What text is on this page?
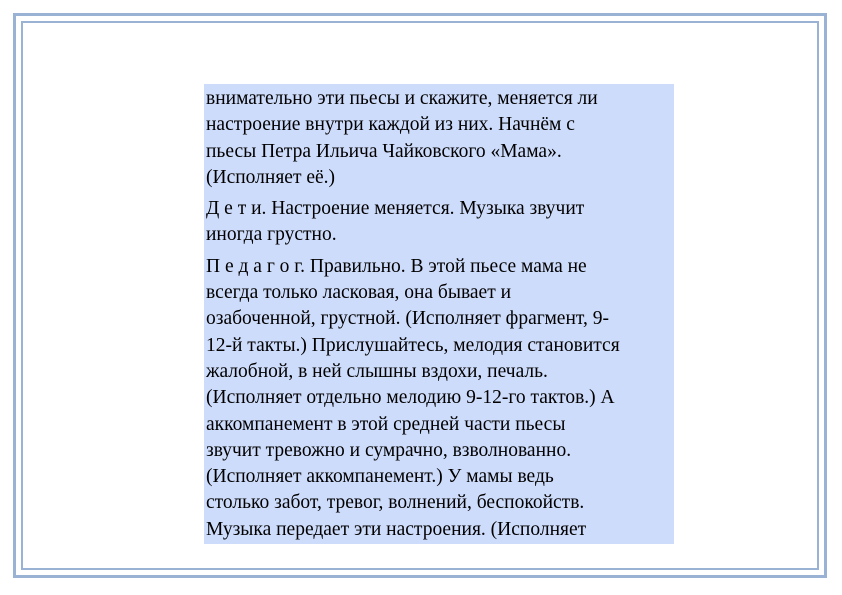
внимательно эти пьесы и скажите, меняется ли
настроение внутри каждой из них. Начнём с
пьесы Петра Ильича Чайковского «Мама».
(Исполняет её.)

Д е т и. Настроение меняется. Музыка звучит
иногда грустно.

П е д а г о г. Правильно. В этой пьесе мама не
всегда только ласковая, она бывает и
озабоченной, грустной. (Исполняет фрагмент, 9-
12-й такты.) Прислушайтесь, мелодия становится
жалобной, в ней слышны вздохи, печаль.
(Исполняет отдельно мелодию 9-12-го тактов.) А
аккомпанемент в этой средней части пьесы
звучит тревожно и сумрачно, взволнованно.
(Исполняет аккомпанемент.) У мамы ведь
столько забот, тревог, волнений, беспокойств.
Музыка передает эти настроения. (Исполняет
